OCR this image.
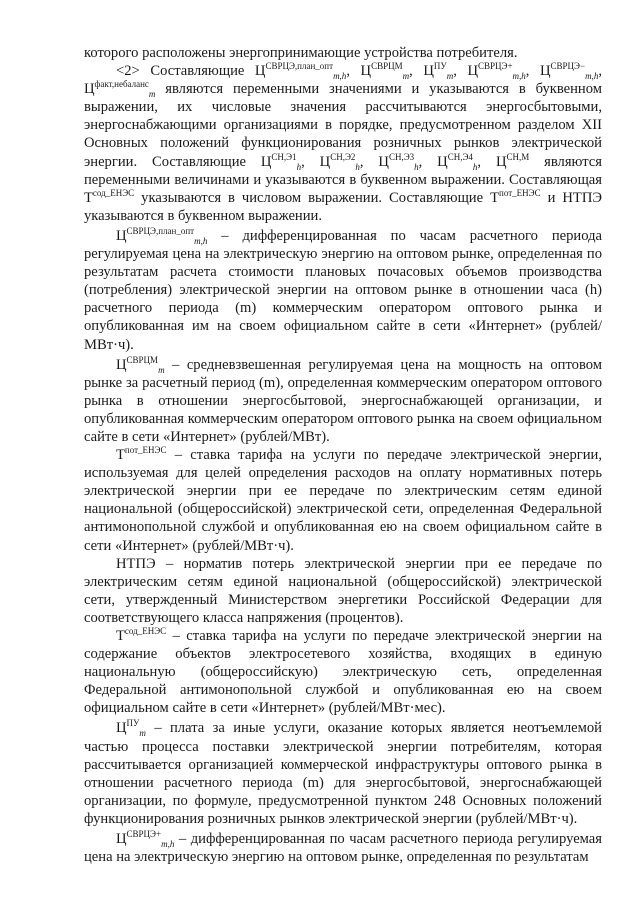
которого расположены энергопринимающие устройства потребителя.

<2> Составляющие $Ц^{СВРЦЭ,план\_опт}_{m,h}$, $Ц^{СВРЦМ}_m$, $Ц^{ПУ}_m$, $Ц^{СВРЦЭ+}_{m,h}$, $Ц^{СВРЦЭ-}_{m,h}$, $Ц^{факт,небаланс}_m$ являются переменными значениями и указываются в буквенном выражении, их числовые значения рассчитываются энергосбытовыми, энергоснабжающими организациями в порядке, предусмотренном разделом XII Основных положений функционирования розничных рынков электрической энергии. Составляющие $Ц^{СН,Э1}_h$, $Ц^{СН,Э2}_h$, $Ц^{СН,Э3}_h$, $Ц^{СН,Э4}_h$, $Ц^{СН,М}$ являются переменными величинами и указываются в буквенном выражении. Составляющая $Т^{сод\_ЕНЭС}$ указываются в числовом выражении. Составляющие $Т^{пот\_ЕНЭС}$ и НТПЭ указываются в буквенном выражении.

$Ц^{СВРЦЭ,план\_опт}_{m,h}$ – дифференцированная по часам расчетного периода регулируемая цена на электрическую энергию на оптовом рынке, определенная по результатам расчета стоимости плановых почасовых объемов производства (потребления) электрической энергии на оптовом рынке в отношении часа (h) расчетного периода (m) коммерческим оператором оптового рынка и опубликованная им на своем официальном сайте в сети «Интернет» (рублей/МВт·ч).

$Ц^{СВРЦМ}_m$ – средневзвешенная регулируемая цена на мощность на оптовом рынке за расчетный период (m), определенная коммерческим оператором оптового рынка в отношении энергосбытовой, энергоснабжающей организации, и опубликованная коммерческим оператором оптового рынка на своем официальном сайте в сети «Интернет» (рублей/МВт).

$Т^{пот\_ЕНЭС}$ – ставка тарифа на услуги по передаче электрической энергии, используемая для целей определения расходов на оплату нормативных потерь электрической энергии при ее передаче по электрическим сетям единой национальной (общероссийской) электрической сети, определенная Федеральной антимонопольной службой и опубликованная ею на своем официальном сайте в сети «Интернет» (рублей/МВт·ч).

НТПЭ – норматив потерь электрической энергии при ее передаче по электрическим сетям единой национальной (общероссийской) электрической сети, утвержденный Министерством энергетики Российской Федерации для соответствующего класса напряжения (процентов).

$Т^{сод\_ЕНЭС}$ – ставка тарифа на услуги по передаче электрической энергии на содержание объектов электросетевого хозяйства, входящих в единую национальную (общероссийскую) электрическую сеть, определенная Федеральной антимонопольной службой и опубликованная ею на своем официальном сайте в сети «Интернет» (рублей/МВт·мес).

$Ц^{ПУ}_m$ – плата за иные услуги, оказание которых является неотъемлемой частью процесса поставки электрической энергии потребителям, которая рассчитывается организацией коммерческой инфраструктуры оптового рынка в отношении расчетного периода (m) для энергосбытовой, энергоснабжающей организации, по формуле, предусмотренной пунктом 248 Основных положений функционирования розничных рынков электрической энергии (рублей/МВт·ч).

$Ц^{СВРЦЭ+}_{m,h}$ – дифференцированная по часам расчетного периода регулируемая цена на электрическую энергию на оптовом рынке, определенная по результатам
